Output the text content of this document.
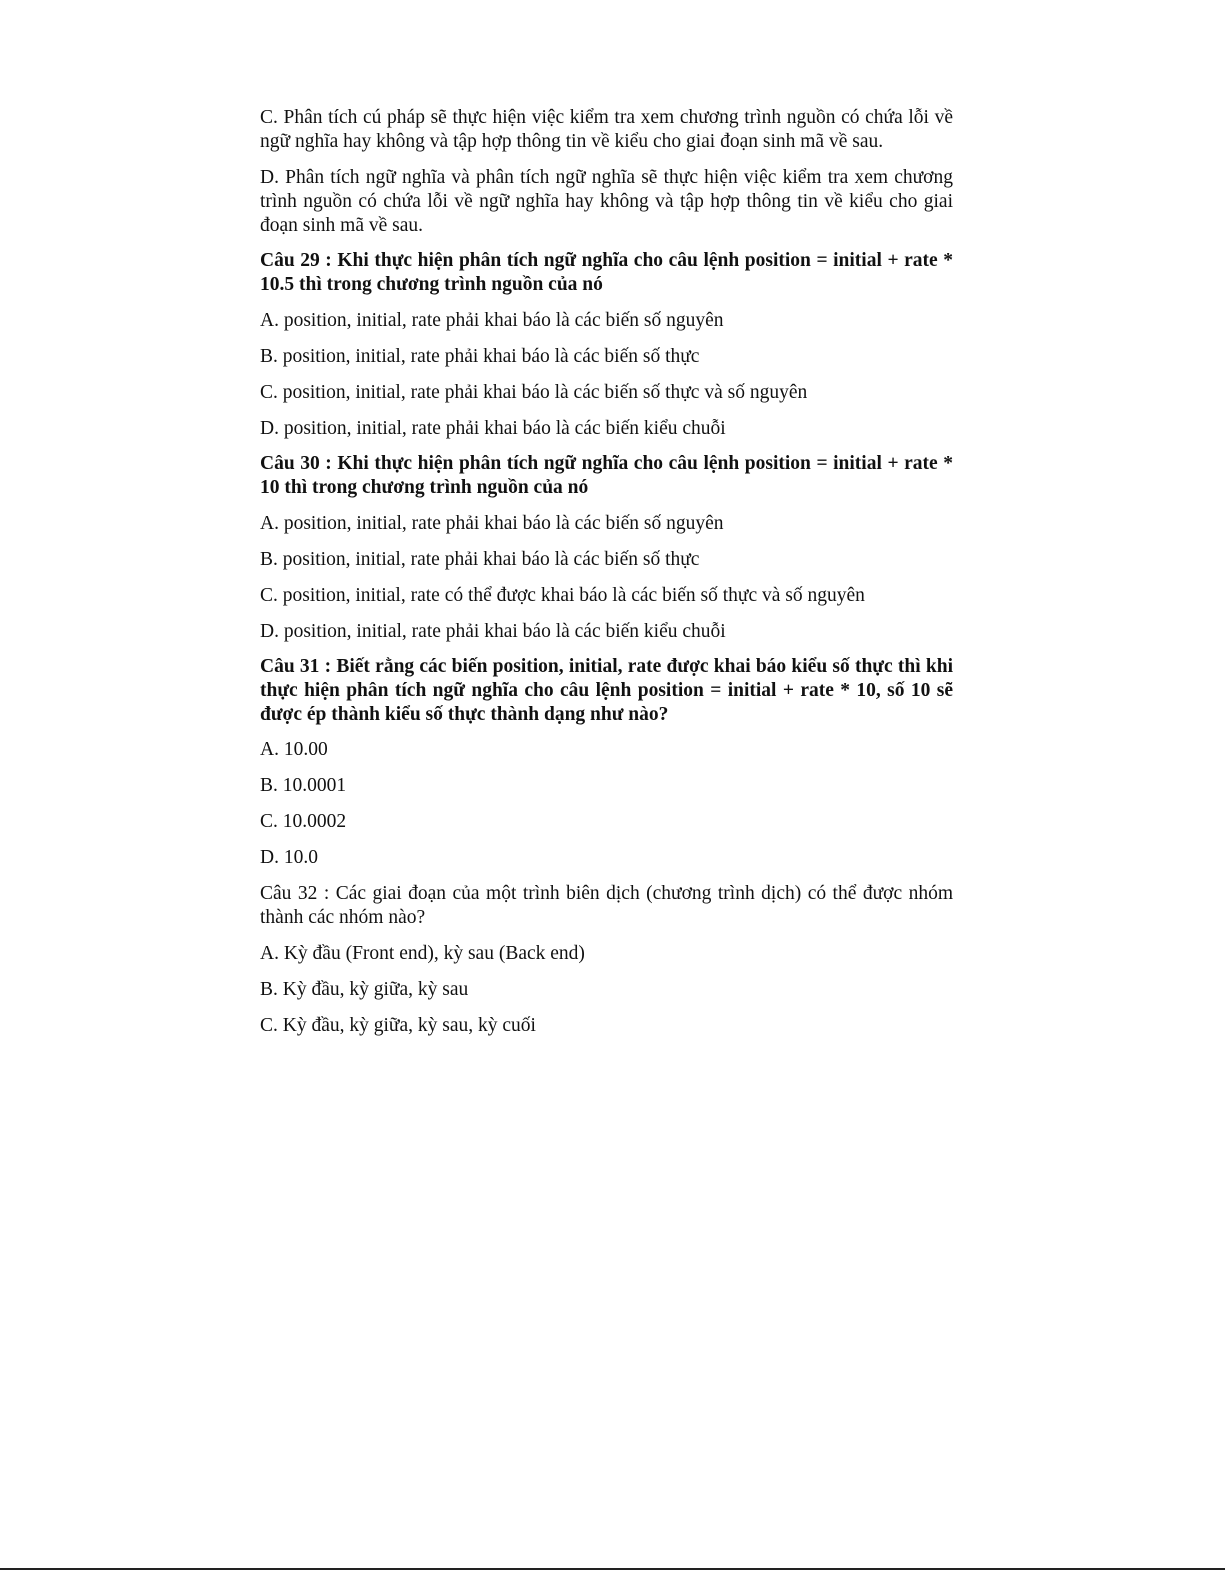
C. Phân tích cú pháp sẽ thực hiện việc kiểm tra xem chương trình nguồn có chứa lỗi về ngữ nghĩa hay không và tập hợp thông tin về kiểu cho giai đoạn sinh mã về sau.

D. Phân tích ngữ nghĩa và phân tích ngữ nghĩa sẽ thực hiện việc kiểm tra xem chương trình nguồn có chứa lỗi về ngữ nghĩa hay không và tập hợp thông tin về kiểu cho giai đoạn sinh mã về sau.

Câu 29 : Khi thực hiện phân tích ngữ nghĩa cho câu lệnh position = initial + rate * 10.5 thì trong chương trình nguồn của nó

A. position, initial, rate phải khai báo là các biến số nguyên

B. position, initial, rate phải khai báo là các biến số thực

C. position, initial, rate phải khai báo là các biến số thực và số nguyên

D. position, initial, rate phải khai báo là các biến kiểu chuỗi

Câu 30 : Khi thực hiện phân tích ngữ nghĩa cho câu lệnh position = initial + rate * 10 thì trong chương trình nguồn của nó

A. position, initial, rate phải khai báo là các biến số nguyên

B. position, initial, rate phải khai báo là các biến số thực

C. position, initial, rate có thể được khai báo là các biến số thực và số nguyên

D. position, initial, rate phải khai báo là các biến kiểu chuỗi

Câu 31 : Biết rằng các biến position, initial, rate được khai báo kiểu số thực thì khi thực hiện phân tích ngữ nghĩa cho câu lệnh position = initial + rate * 10, số 10 sẽ được ép thành kiểu số thực thành dạng như nào?

A. 10.00

B. 10.0001

C. 10.0002

D. 10.0

Câu 32 : Các giai đoạn của một trình biên dịch (chương trình dịch) có thể được nhóm thành các nhóm nào?

A. Kỳ đầu (Front end), kỳ sau (Back end)

B. Kỳ đầu, kỳ giữa, kỳ sau

C. Kỳ đầu, kỳ giữa, kỳ sau, kỳ cuối
